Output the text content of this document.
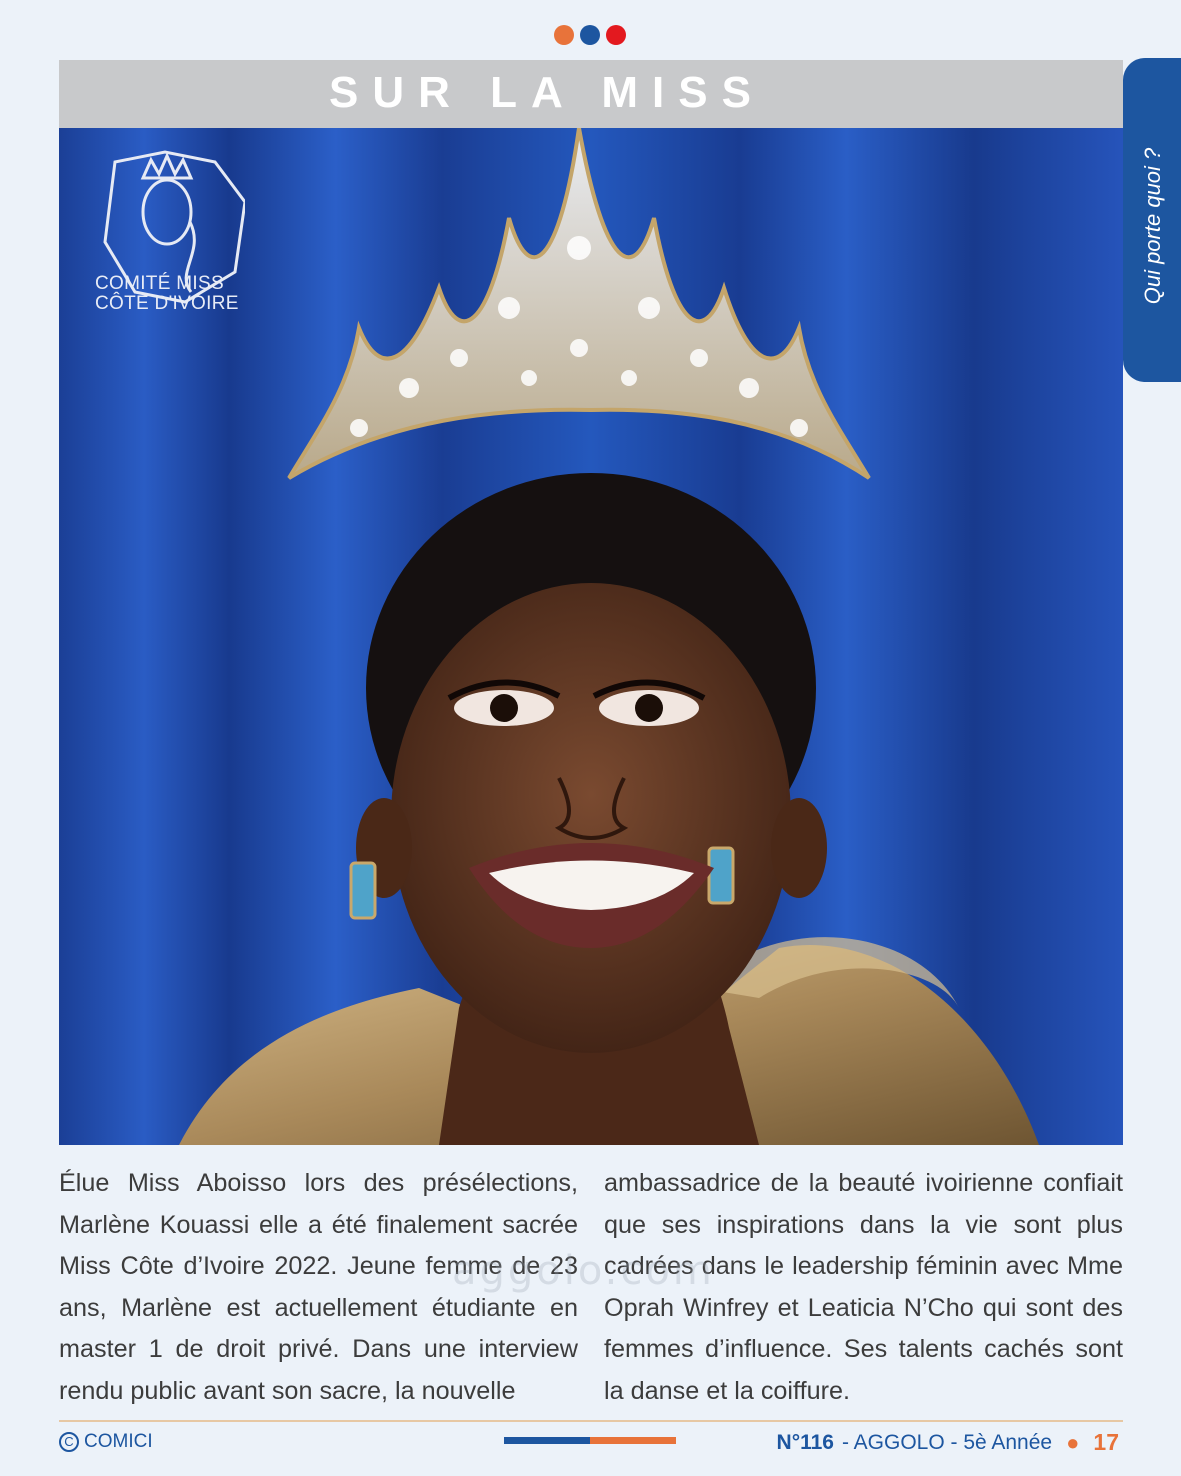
SUR LA MISS
COMITÉ MISS
CÔTE D'IVOIRE	Qui porte quoi ?

Élue Miss Aboisso lors des présélections, Marlène Kouassi elle a été finalement sacrée Miss Côte d’Ivoire 2022. Jeune femme de 23 ans, Marlène est actuellement étudiante en master 1 de droit privé. Dans une interview rendu public avant son sacre, la nouvelle

ambassadrice de la beauté ivoirienne confiait que ses inspirations dans la vie sont plus cadrées dans le leadership féminin avec Mme Oprah Winfrey et Leaticia N’Cho qui sont des femmes d’influence. Ses talents cachés sont la danse et la coiffure.

aggolo.com
C COMICI	N°116 - AGGOLO - 5è Année ● 17
